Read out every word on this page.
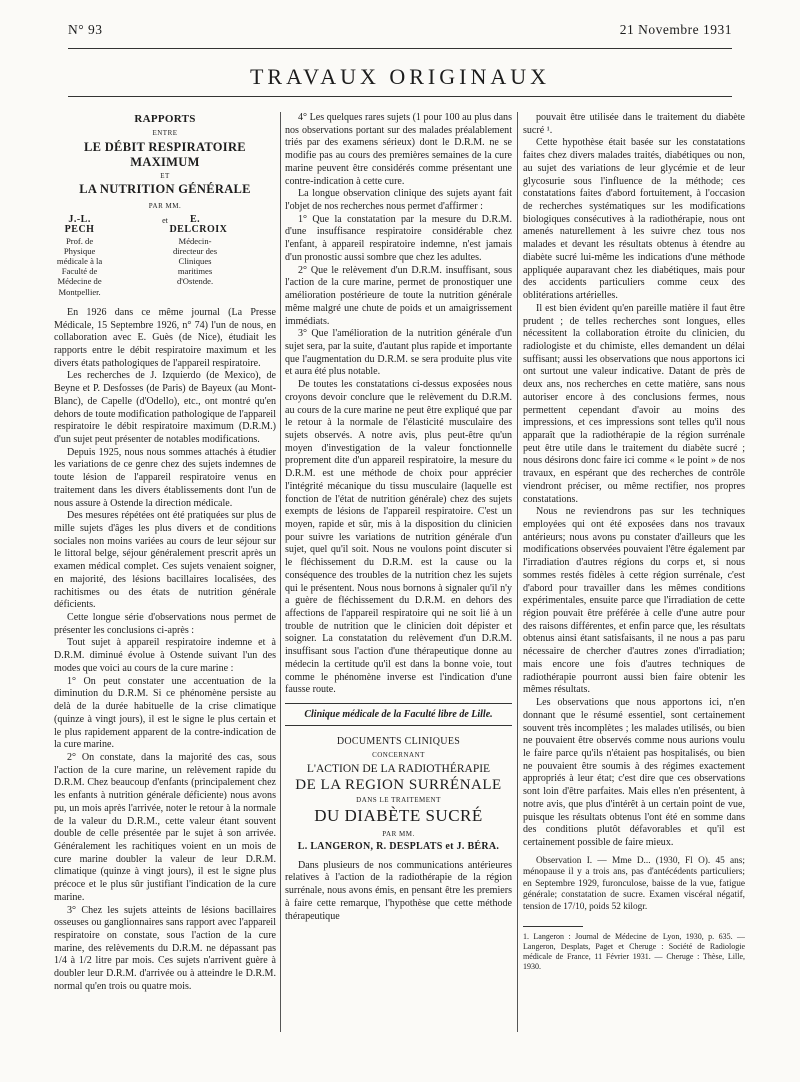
N° 93	21 Novembre 1931
TRAVAUX ORIGINAUX
RAPPORTS
ENTRE
LE DÉBIT RESPIRATOIRE MAXIMUM
ET
LA NUTRITION GÉNÉRALE
PAR MM.
J.-L. PECH
Prof. de Physique médicale à la Faculté de Médecine de Montpellier.
et	E. DELCROIX
Médecin-directeur des Cliniques maritimes d'Ostende.

En 1926 dans ce même journal (La Presse Médicale, 15 Septembre 1926, n° 74) l'un de nous, en collaboration avec E. Guès (de Nice), étudiait les rapports entre le débit respiratoire maximum et les divers états pathologiques de l'appareil respiratoire.

Les recherches de J. Izquierdo (de Mexico), de Beyne et P. Desfosses (de Paris) de Bayeux (au Mont-Blanc), de Capelle (d'Odello), etc., ont montré qu'en dehors de toute modification pathologique de l'appareil respiratoire le débit respiratoire maximum (D.R.M.) d'un sujet peut présenter de notables modifications.

Depuis 1925, nous nous sommes attachés à étudier les variations de ce genre chez des sujets indemnes de toute lésion de l'appareil respiratoire venus en traitement dans les divers établissements dont l'un de nous assure à Ostende la direction médicale.

Des mesures répétées ont été pratiquées sur plus de mille sujets d'âges les plus divers et de conditions sociales non moins variées au cours de leur séjour sur le littoral belge, séjour généralement prescrit après un examen médical complet. Ces sujets venaient soigner, en majorité, des lésions bacillaires localisées, des rachitismes ou des états de nutrition générale déficients.

Cette longue série d'observations nous permet de présenter les conclusions ci-après :

Tout sujet à appareil respiratoire indemne et à D.R.M. diminué évolue à Ostende suivant l'un des modes que voici au cours de la cure marine :

1° On peut constater une accentuation de la diminution du D.R.M. Si ce phénomène persiste au delà de la durée habituelle de la crise climatique (quinze à vingt jours), il est le signe le plus certain et le plus rapidement apparent de la contre-indication de la cure marine.

2° On constate, dans la majorité des cas, sous l'action de la cure marine, un relèvement rapide du D.R.M. Chez beaucoup d'enfants (principalement chez les enfants à nutrition générale déficiente) nous avons pu, un mois après l'arrivée, noter le retour à la normale de la valeur du D.R.M., cette valeur étant souvent double de celle présentée par le sujet à son arrivée. Généralement les rachitiques voient en un mois de cure marine doubler la valeur de leur D.R.M. climatique (quinze à vingt jours), il est le signe plus précoce et le plus sûr justifiant l'indication de la cure marine.

3° Chez les sujets atteints de lésions bacillaires osseuses ou ganglionnaires sans rapport avec l'appareil respiratoire on constate, sous l'action de la cure marine, des relèvements du D.R.M. ne dépassant pas 1/4 à 1/2 litre par mois. Ces sujets n'arrivent guère à doubler leur D.R.M. d'arrivée ou à atteindre le D.R.M. normal qu'en trois ou quatre mois.

4° Les quelques rares sujets (1 pour 100 au plus dans nos observations portant sur des malades préalablement triés par des examens sérieux) dont le D.R.M. ne se modifie pas au cours des premières semaines de la cure marine peuvent être considérés comme présentant une contre-indication à cette cure.

La longue observation clinique des sujets ayant fait l'objet de nos recherches nous permet d'affirmer :

1° Que la constatation par la mesure du D.R.M. d'une insuffisance respiratoire considérable chez l'enfant, à appareil respiratoire indemne, n'est jamais d'un pronostic aussi sombre que chez les adultes.

2° Que le relèvement d'un D.R.M. insuffisant, sous l'action de la cure marine, permet de pronostiquer une amélioration postérieure de toute la nutrition générale même malgré une chute de poids et un amaigrissement immédiats.

3° Que l'amélioration de la nutrition générale d'un sujet sera, par la suite, d'autant plus rapide et importante que l'augmentation du D.R.M. se sera produite plus vite et aura été plus notable.

De toutes les constatations ci-dessus exposées nous croyons devoir conclure que le relèvement du D.R.M. au cours de la cure marine ne peut être expliqué que par le retour à la normale de l'élasticité musculaire des sujets observés. A notre avis, plus peut-être qu'un moyen d'investigation de la valeur fonctionnelle proprement dite d'un appareil respiratoire, la mesure du D.R.M. est une méthode de choix pour apprécier l'intégrité mécanique du tissu musculaire (laquelle est fonction de l'état de nutrition générale) chez des sujets exempts de lésions de l'appareil respiratoire. C'est un moyen, rapide et sûr, mis à la disposition du clinicien pour suivre les variations de nutrition générale d'un sujet, quel qu'il soit. Nous ne voulons point discuter si le fléchissement du D.R.M. est la cause ou la conséquence des troubles de la nutrition chez les sujets qui le présentent. Nous nous bornons à signaler qu'il n'y a guère de fléchissement du D.R.M. en dehors des affections de l'appareil respiratoire qui ne soit lié à un trouble de nutrition que le clinicien doit dépister et soigner. La constatation du relèvement d'un D.R.M. insuffisant sous l'action d'une thérapeutique donne au médecin la certitude qu'il est dans la bonne voie, tout comme le phénomène inverse est l'indication d'une fausse route.

Clinique médicale de la Faculté libre de Lille.
DOCUMENTS CLINIQUES
CONCERNANT
L'ACTION DE LA RADIOTHÉRAPIE
DE LA REGION SURRÉNALE
DANS LE TRAITEMENT
DU DIABÈTE SUCRÉ
PAR MM.
L. LANGERON, R. DESPLATS et J. BÉRA.

Dans plusieurs de nos communications antérieures relatives à l'action de la radiothérapie de la région surrénale, nous avons émis, en pensant être les premiers à faire cette remarque, l'hypothèse que cette méthode thérapeutique

pouvait être utilisée dans le traitement du diabète sucré ¹.

Cette hypothèse était basée sur les constatations faites chez divers malades traités, diabétiques ou non, au sujet des variations de leur glycémie et de leur glycosurie sous l'influence de la méthode; ces constatations faites d'abord fortuitement, à l'occasion de recherches systématiques sur les modifications biologiques consécutives à la radiothérapie, nous ont amenés naturellement à les suivre chez tous nos malades et devant les résultats obtenus à étendre au diabète sucré lui-même les indications d'une méthode appliquée auparavant chez les diabétiques, mais pour des accidents particuliers comme ceux des oblitérations artérielles.

Il est bien évident qu'en pareille matière il faut être prudent ; de telles recherches sont longues, elles nécessitent la collaboration étroite du clinicien, du radiologiste et du chimiste, elles demandent un délai suffisant; aussi les observations que nous apportons ici ont surtout une valeur indicative. Datant de près de deux ans, nos recherches en cette matière, sans nous autoriser encore à des conclusions fermes, nous permettent cependant d'avoir au moins des impressions, et ces impressions sont telles qu'il nous apparaît que la radiothérapie de la région surrénale peut être utile dans le traitement du diabète sucré ; nous désirons donc faire ici comme « le point » de nos travaux, en espérant que des recherches de contrôle viendront préciser, ou même rectifier, nos propres constatations.

Nous ne reviendrons pas sur les techniques employées qui ont été exposées dans nos travaux antérieurs; nous avons pu constater d'ailleurs que les modifications observées pouvaient l'être également par l'irradiation d'autres régions du corps et, si nous sommes restés fidèles à cette région surrénale, c'est d'abord pour travailler dans les mêmes conditions expérimentales, ensuite parce que l'irradiation de cette région pouvait être préférée à celle d'une autre pour des raisons différentes, et enfin parce que, les résultats obtenus ainsi étant satisfaisants, il ne nous a pas paru nécessaire de chercher d'autres zones d'irradiation; mais encore une fois d'autres techniques de radiothérapie pourront aussi bien faire obtenir les mêmes résultats.

Les observations que nous apportons ici, n'en donnant que le résumé essentiel, sont certainement souvent très incomplètes ; les malades utilisés, ou bien ne pouvaient être observés comme nous aurions voulu le faire parce qu'ils n'étaient pas hospitalisés, ou bien ne pouvaient être soumis à des régimes exactement appropriés à leur état; c'est dire que ces observations sont loin d'être parfaites. Mais elles n'en présentent, à notre avis, que plus d'intérêt à un certain point de vue, puisque les résultats obtenus l'ont été en somme dans des conditions plutôt défavorables et qu'il est certainement possible de faire mieux.

Observation I. — Mme D... (1930, Fl O). 45 ans; ménopause il y a trois ans, pas d'antécédents particuliers; en Septembre 1929, furonculose, baisse de la vue, fatigue générale; constatation de sucre. Examen viscéral négatif, tension de 17/10, poids 52 kilogr.

1. Langeron : Journal de Médecine de Lyon, 1930, p. 635. — Langeron, Desplats, Paget et Cheruge : Société de Radiologie médicale de France, 11 Février 1931. — Cheruge : Thèse, Lille, 1930.
